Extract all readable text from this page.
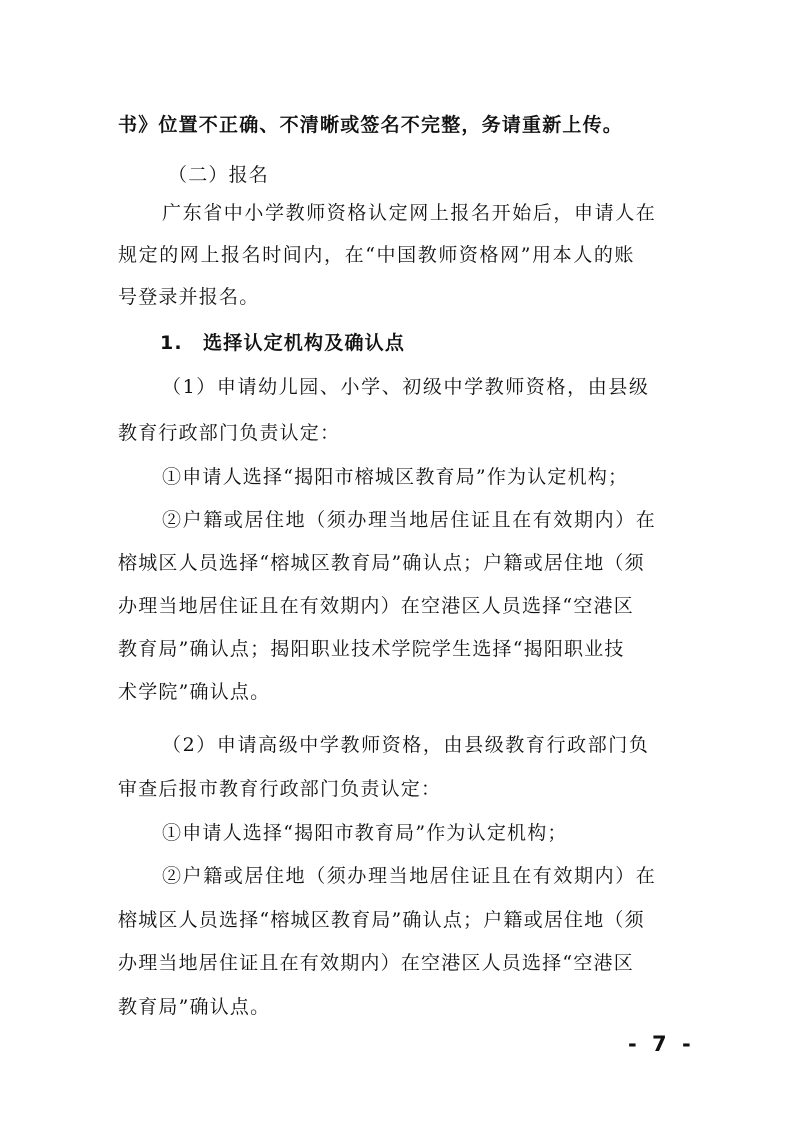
书》位置不正确、不清晰或签名不完整，务请重新上传。
（二）报名
广东省中小学教师资格认定网上报名开始后，申请人在
规定的网上报名时间内，在“中国教师资格网”用本人的账
号登录并报名。
1.　选择认定机构及确认点
（1）申请幼儿园、小学、初级中学教师资格，由县级
教育行政部门负责认定：
①申请人选择“揭阳市榕城区教育局”作为认定机构；
②户籍或居住地（须办理当地居住证且在有效期内）在
榕城区人员选择“榕城区教育局”确认点；户籍或居住地（须
办理当地居住证且在有效期内）在空港区人员选择“空港区
教育局”确认点；揭阳职业技术学院学生选择“揭阳职业技
术学院”确认点。
（2）申请高级中学教师资格，由县级教育行政部门负
审查后报市教育行政部门负责认定：
①申请人选择“揭阳市教育局”作为认定机构；
②户籍或居住地（须办理当地居住证且在有效期内）在
榕城区人员选择“榕城区教育局”确认点；户籍或居住地（须
办理当地居住证且在有效期内）在空港区人员选择“空港区
教育局”确认点。
- 7 -
